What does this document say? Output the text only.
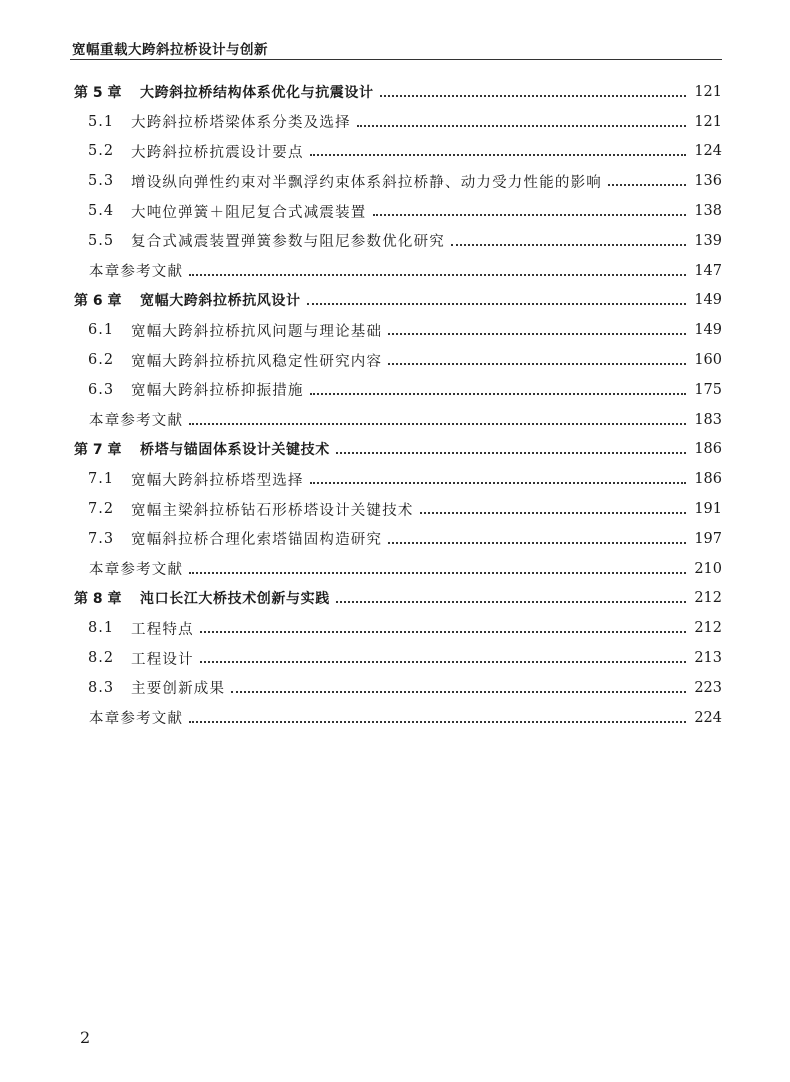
宽幅重载大跨斜拉桥设计与创新
第 5 章	大跨斜拉桥结构体系优化与抗震设计	121
5.1	大跨斜拉桥塔梁体系分类及选择	121
5.2	大跨斜拉桥抗震设计要点	124
5.3	增设纵向弹性约束对半飘浮约束体系斜拉桥静、动力受力性能的影响	136
5.4	大吨位弹簧＋阻尼复合式减震装置	138
5.5	复合式减震装置弹簧参数与阻尼参数优化研究	139
本章参考文献	147
第 6 章	宽幅大跨斜拉桥抗风设计	149
6.1	宽幅大跨斜拉桥抗风问题与理论基础	149
6.2	宽幅大跨斜拉桥抗风稳定性研究内容	160
6.3	宽幅大跨斜拉桥抑振措施	175
本章参考文献	183
第 7 章	桥塔与锚固体系设计关键技术	186
7.1	宽幅大跨斜拉桥塔型选择	186
7.2	宽幅主梁斜拉桥钻石形桥塔设计关键技术	191
7.3	宽幅斜拉桥合理化索塔锚固构造研究	197
本章参考文献	210
第 8 章	沌口长江大桥技术创新与实践	212
8.1	工程特点	212
8.2	工程设计	213
8.3	主要创新成果	223
本章参考文献	224
2
